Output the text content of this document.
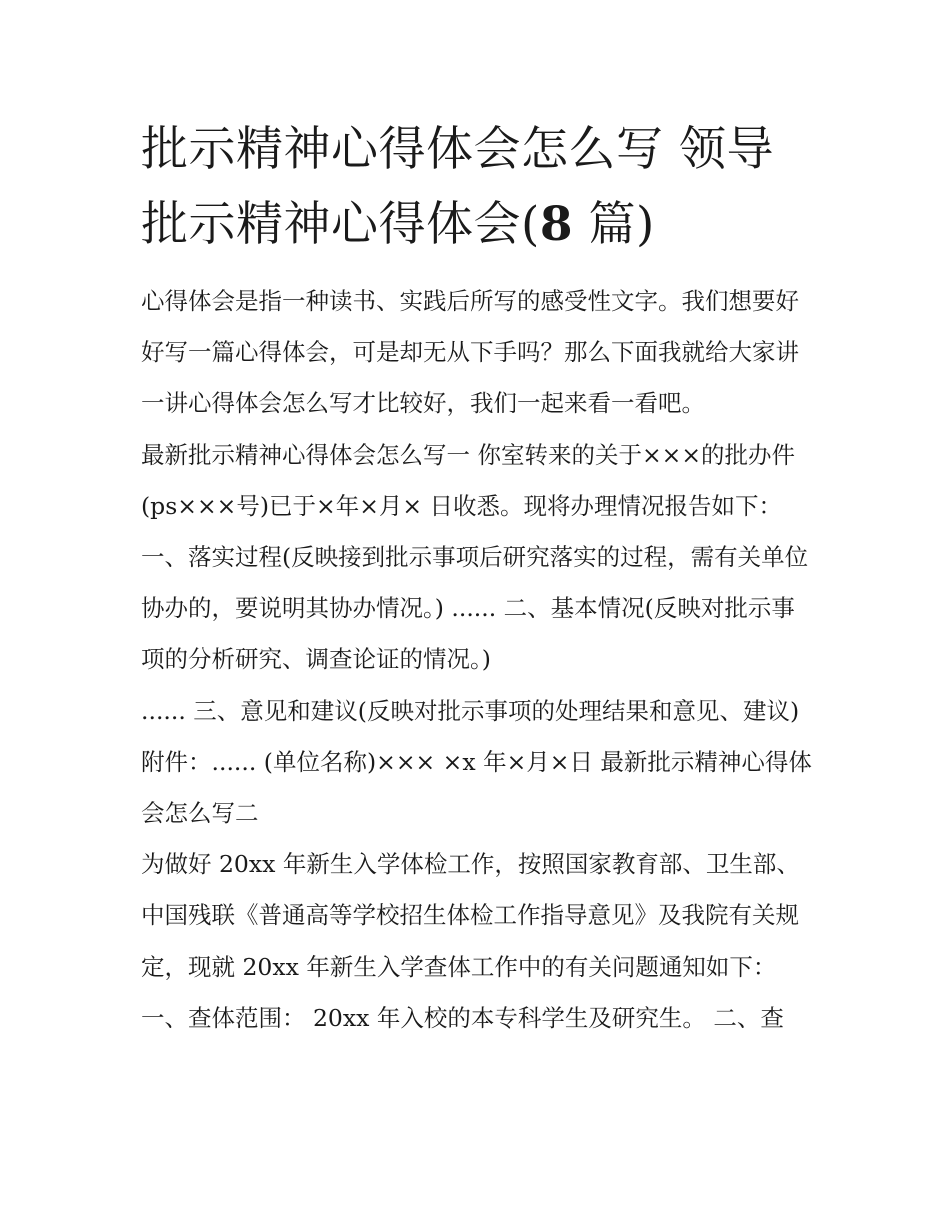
批示精神心得体会怎么写 领导批示精神心得体会(8 篇)

心得体会是指一种读书、实践后所写的感受性文字。我们想要好好写一篇心得体会，可是却无从下手吗？那么下面我就给大家讲一讲心得体会怎么写才比较好，我们一起来看一看吧。

最新批示精神心得体会怎么写一 你室转来的关于×××的批办件(ps×××号)已于×年×月× 日收悉。现将办理情况报告如下：

一、落实过程(反映接到批示事项后研究落实的过程，需有关单位协办的，要说明其协办情况。) ...... 二、基本情况(反映对批示事项的分析研究、调查论证的情况。)

...... 三、意见和建议(反映对批示事项的处理结果和意见、建议) 附件：...... (单位名称)××× ×x 年×月×日 最新批示精神心得体会怎么写二

为做好 20xx 年新生入学体检工作，按照国家教育部、卫生部、中国残联《普通高等学校招生体检工作指导意见》及我院有关规定，现就 20xx 年新生入学查体工作中的有关问题通知如下：

一、查体范围： 20xx 年入校的本专科学生及研究生。 二、查
